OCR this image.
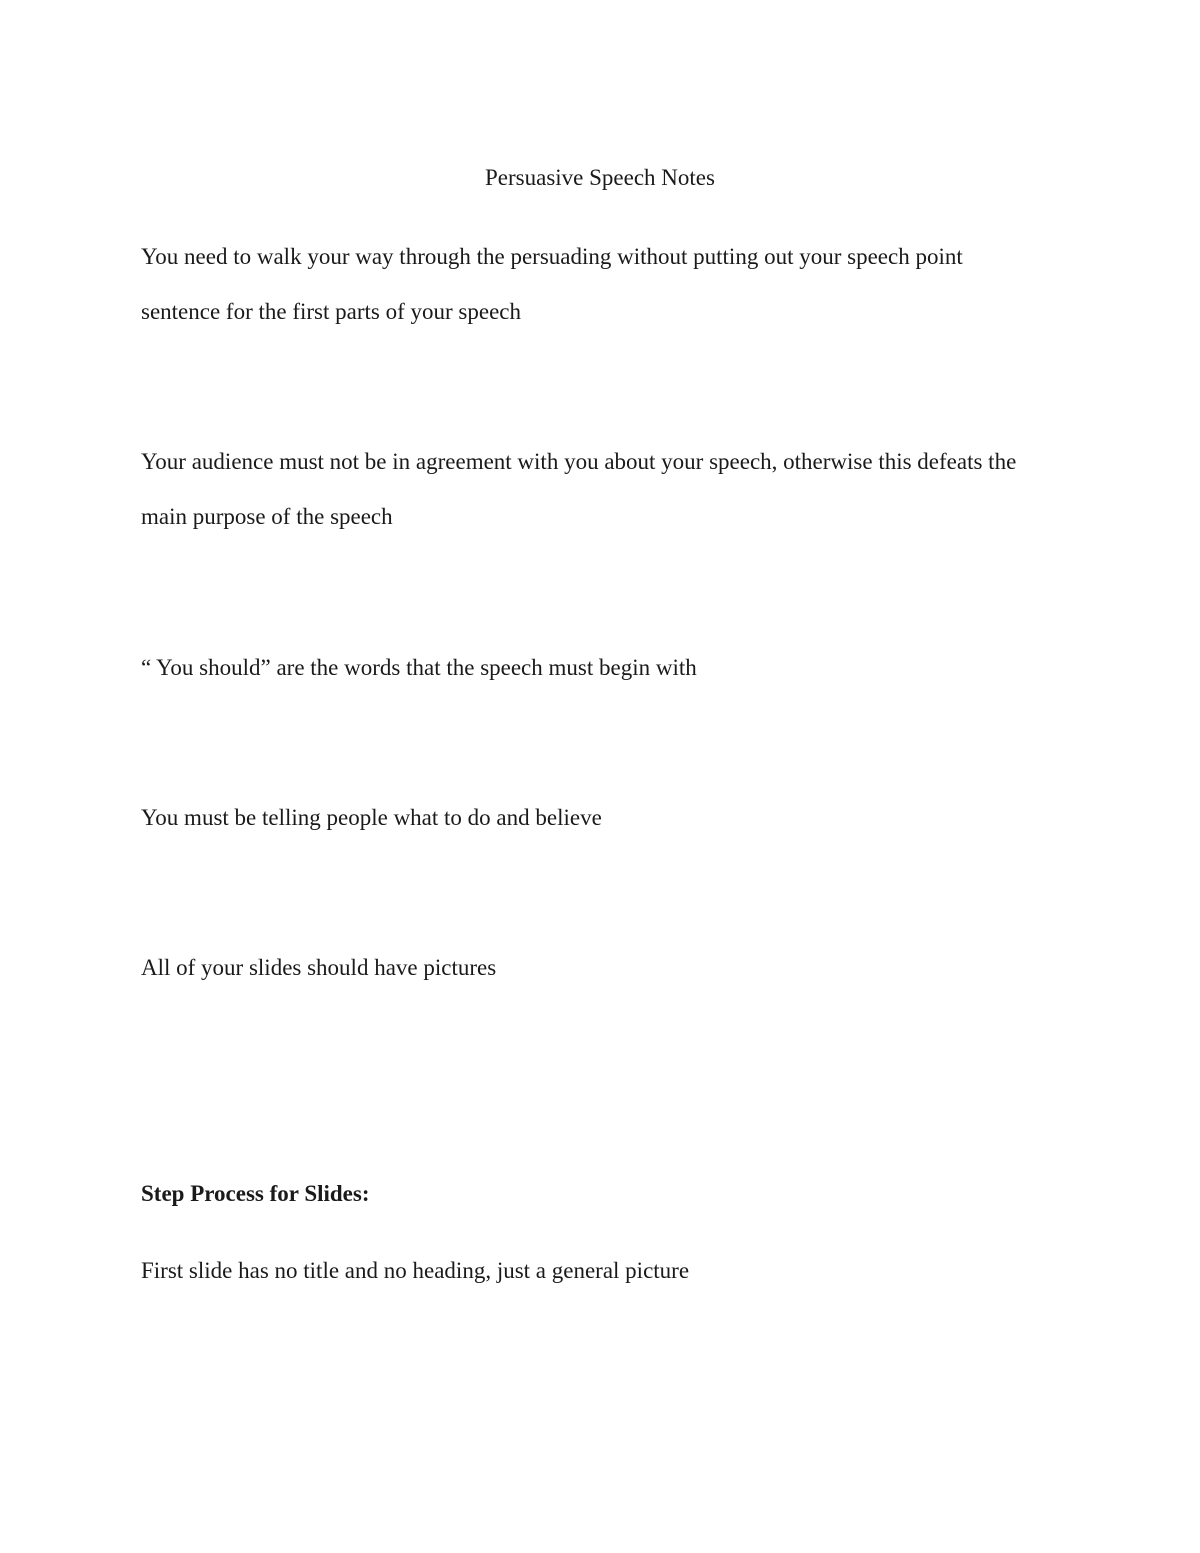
Persuasive Speech Notes

You need to walk your way through the persuading without putting out your speech point
sentence for the first parts of your speech

Your audience must not be in agreement with you about your speech, otherwise this defeats the
main purpose of the speech

“ You should” are the words that the speech must begin with

You must be telling people what to do and believe

All of your slides should have pictures

Step Process for Slides:

First slide has no title and no heading, just a general picture
